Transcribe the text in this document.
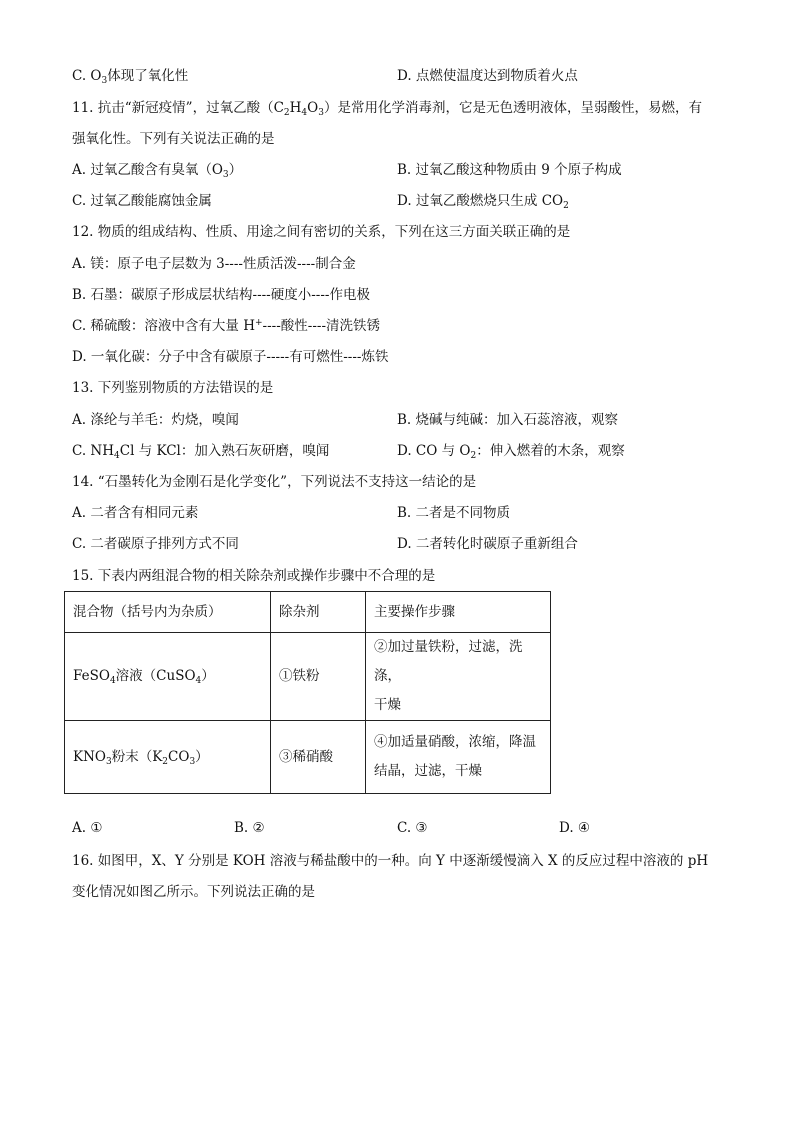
C. $O_3$体现了氧化性	D. 点燃使温度达到物质着火点
11. 抗击“新冠疫情”，过氧乙酸$(C_2H_4O_3)$是常用化学消毒剂，它是无色透明液体，呈弱酸性，易燃，有
强氧化性。下列有关说法正确的是
A. 过氧乙酸含有臭氧$(O_3)$	B. 过氧乙酸这种物质由 9 个原子构成
C. 过氧乙酸能腐蚀金属	D. 过氧乙酸燃烧只生成 $CO_2$
12. 物质的组成结构、性质、用途之间有密切的关系，下列在这三方面关联正确的是
A. 镁：原子电子层数为 3----性质活泼----制合金
B. 石墨：碳原子形成层状结构----硬度小----作电极
C. 稀硫酸：溶液中含有大量 H+----酸性----清洗铁锈
D. 一氧化碳：分子中含有碳原子-----有可燃性----炼铁
13. 下列鉴别物质的方法错误的是
A. 涤纶与羊毛：灼烧，嗅闻	B. 烧碱与纯碱：加入石蕊溶液，观察
C. $NH_4Cl$ 与 KCl：加入熟石灰研磨，嗅闻	D. CO 与 $O_2$：伸入燃着的木条，观察
14. “石墨转化为金刚石是化学变化”，下列说法不支持这一结论的是
A. 二者含有相同元素	B. 二者是不同物质
C. 二者碳原子排列方式不同	D. 二者转化时碳原子重新组合
15. 下表内两组混合物的相关除杂剂或操作步骤中不合理的是
混合物（括号内为杂质）	除杂剂	主要操作步骤
FeSO$_4$溶液（CuSO$_4$）	①铁粉	②加过量铁粉，过滤，洗涤，
干燥

$KNO_3$粉末$(K_2CO_3)$	③稀硝酸	④加适量硝酸，浓缩，降温
结晶，过滤，干燥
A. ①	B. ②	C. ③	D. ④
16. 如图甲，X、Y 分别是 KOH 溶液与稀盐酸中的一种。向 Y 中逐渐缓慢滴入 X 的反应过程中溶液的 pH
变化情况如图乙所示。下列说法正确的是
